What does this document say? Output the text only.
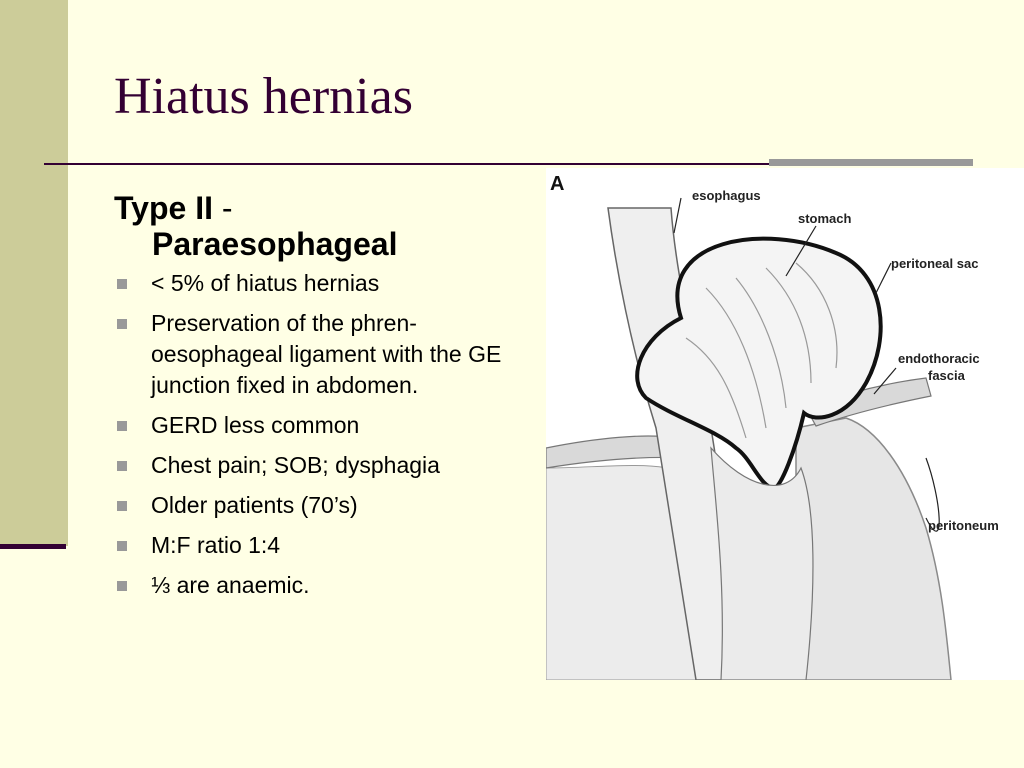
Hiatus hernias
Type II -
Paraesophageal
< 5% of hiatus hernias
Preservation of the phren-oesophageal ligament with the GE junction fixed in abdomen.
GERD less common
Chest pain; SOB; dysphagia
Older patients (70’s)
M:F ratio 1:4
⅓ are anaemic.
A
esophagus
stomach
peritoneal sac
endothoracic
fascia
peritoneum
